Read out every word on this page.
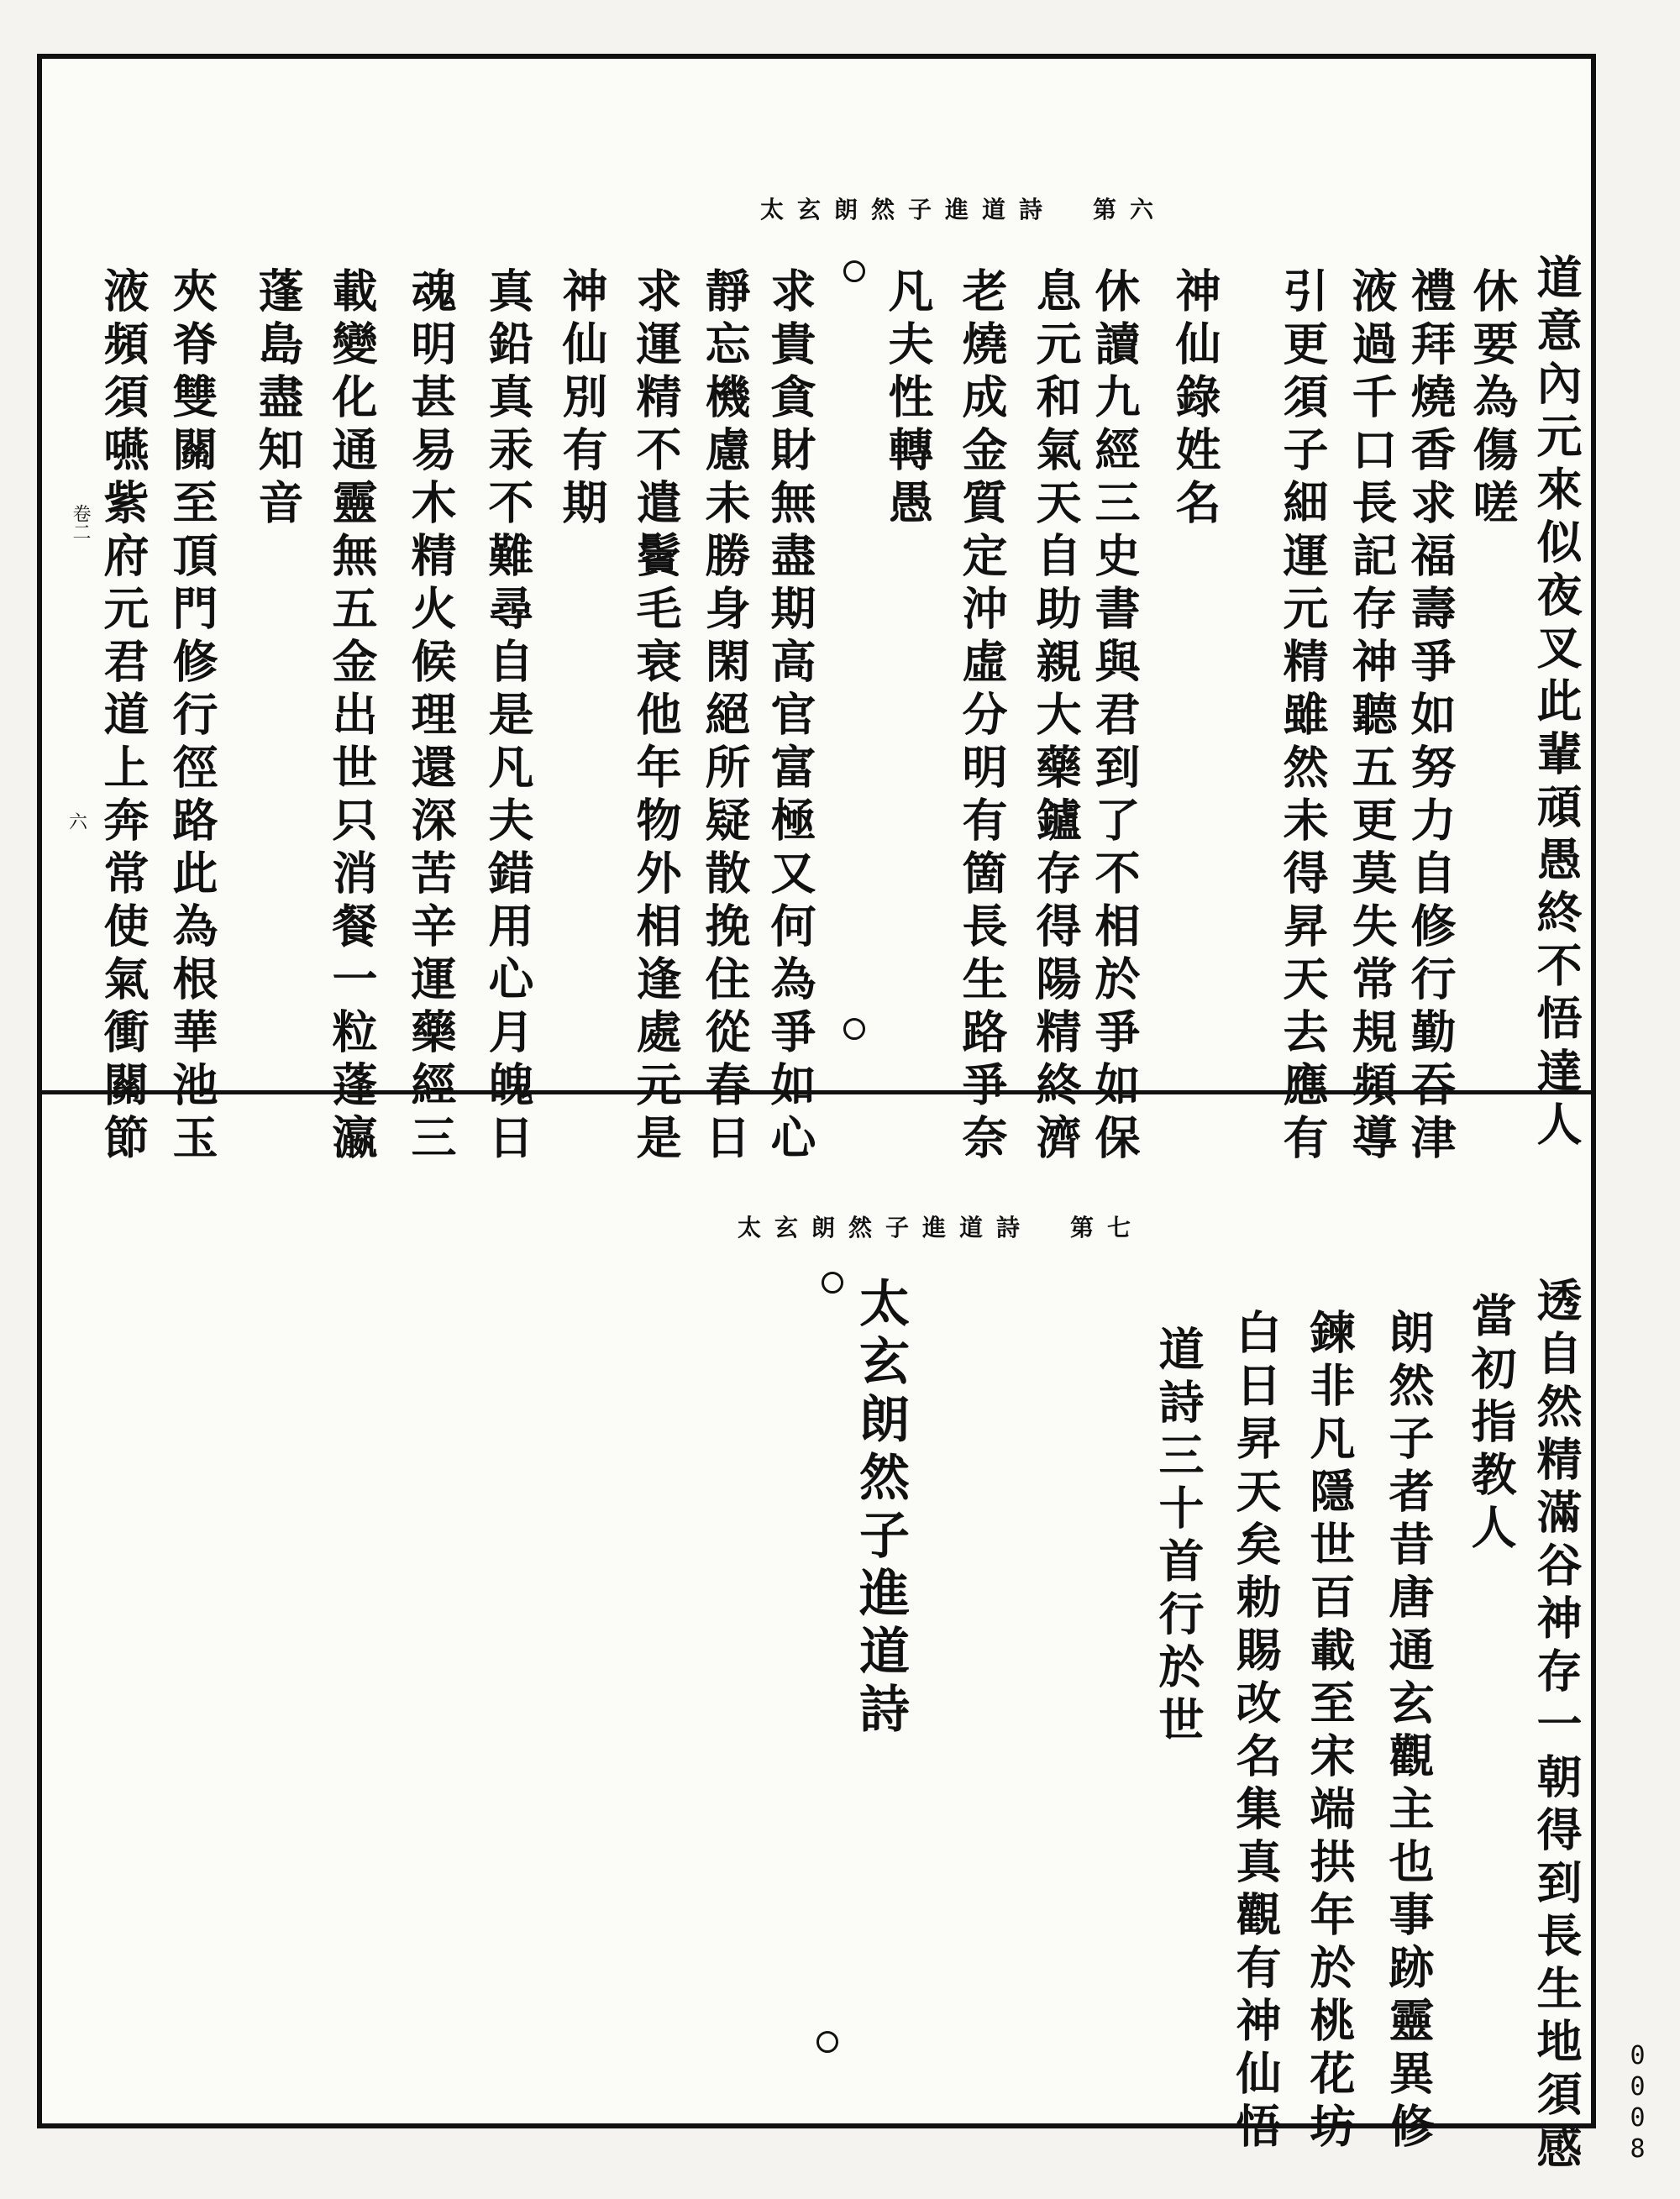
太玄朗然子進道詩　第六
道意內元來似夜叉此輩頑愚終不悟達人
休要為傷嗟
禮拜燒香求福壽爭如努力自修行勤吞津
液過千口長記存神聽五更莫失常規頻導
引更須子細運元精雖然未得昇天去應有
神仙錄姓名
休讀九經三史書與君到了不相於爭如保
息元和氣天自助親大藥鑪存得陽精終濟
老燒成金質定沖虛分明有箇長生路爭奈
凡夫性轉愚
求貴貪財無盡期高官富極又何為爭如心
靜忘機慮未勝身閑絕所疑散挽住從春日
求運精不遣鬢毛衰他年物外相逢處元是
神仙別有期
真鉛真汞不難尋自是凡夫錯用心月魄日
魂明甚易木精火候理還深苦辛運藥經三
載變化通靈無五金出世只消餐一粒蓬瀛
蓬島盡知音
夾脊雙關至頂門修行徑路此為根華池玉
液頻須嚥紫府元君道上奔常使氣衝關節
卷二
六
太玄朗然子進道詩　第七
透自然精滿谷神存一朝得到長生地須感
當初指教人
朗然子者昔唐通玄觀主也事跡靈異修
鍊非凡隱世百載至宋端拱年於桃花坊
白日昇天矣勅賜改名集真觀有神仙悟
道詩三十首行於世
太玄朗然子進道詩
0008
